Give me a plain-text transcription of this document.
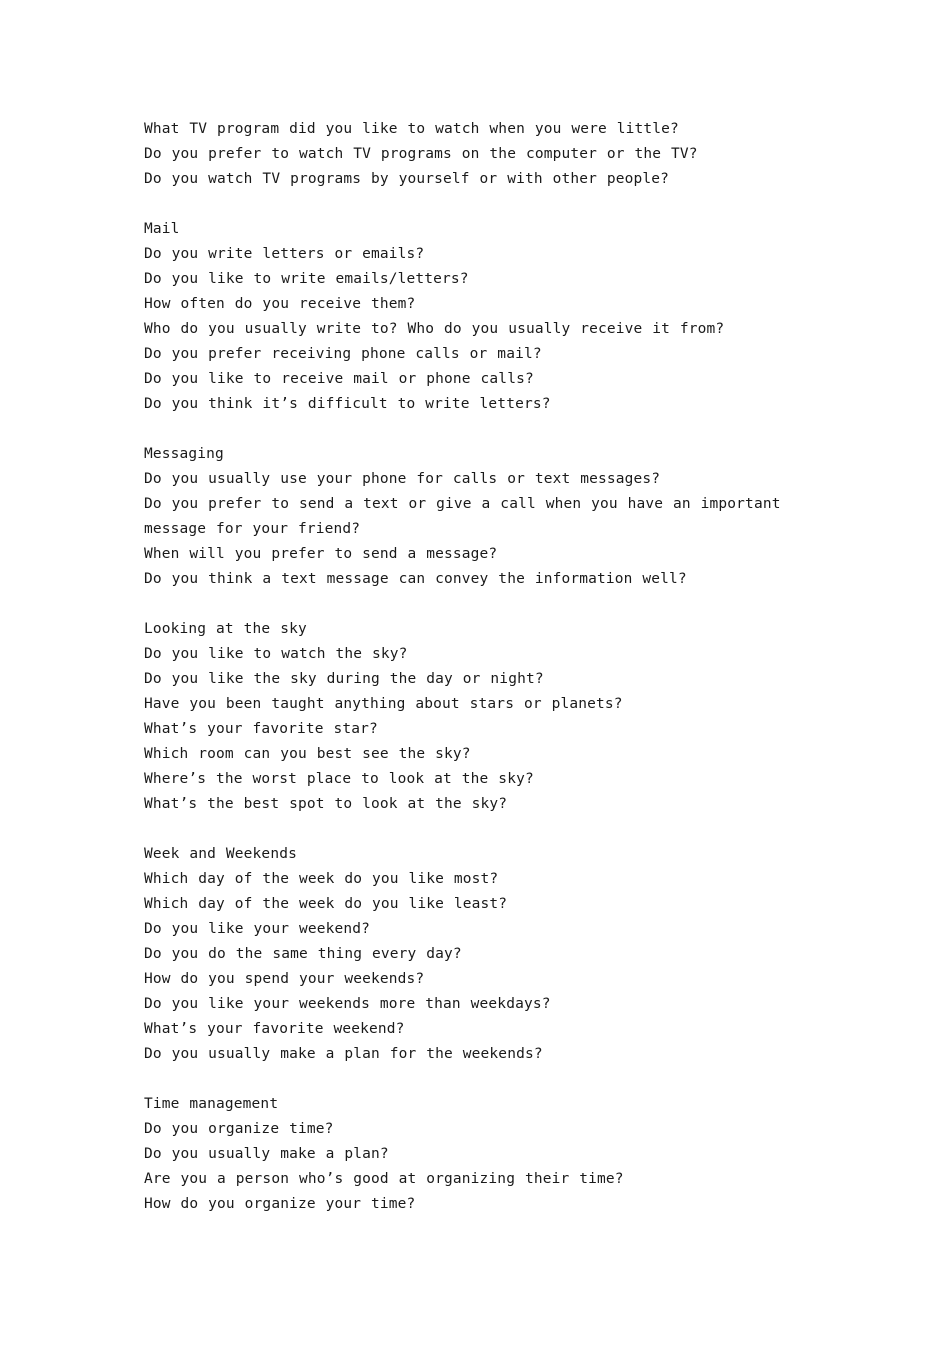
What TV program did you like to watch when you were little?
Do you prefer to watch TV programs on the computer or the TV?
Do you watch TV programs by yourself or with other people?
Mail
Do you write letters or emails?
Do you like to write emails/letters?
How often do you receive them?
Who do you usually write to? Who do you usually receive it from?
Do you prefer receiving phone calls or mail?
Do you like to receive mail or phone calls?
Do you think it’s difficult to write letters?
Messaging
Do you usually use your phone for calls or text messages?
Do you prefer to send a text or give a call when you have an important message for your friend?
When will you prefer to send a message?
Do you think a text message can convey the information well?
Looking at the sky
Do you like to watch the sky?
Do you like the sky during the day or night?
Have you been taught anything about stars or planets?
What’s your favorite star?
Which room can you best see the sky?
Where’s the worst place to look at the sky?
What’s the best spot to look at the sky?
Week and Weekends
Which day of the week do you like most?
Which day of the week do you like least?
Do you like your weekend?
Do you do the same thing every day?
How do you spend your weekends?
Do you like your weekends more than weekdays?
What’s your favorite weekend?
Do you usually make a plan for the weekends?
Time management
Do you organize time?
Do you usually make a plan?
Are you a person who’s good at organizing their time?
How do you organize your time?
